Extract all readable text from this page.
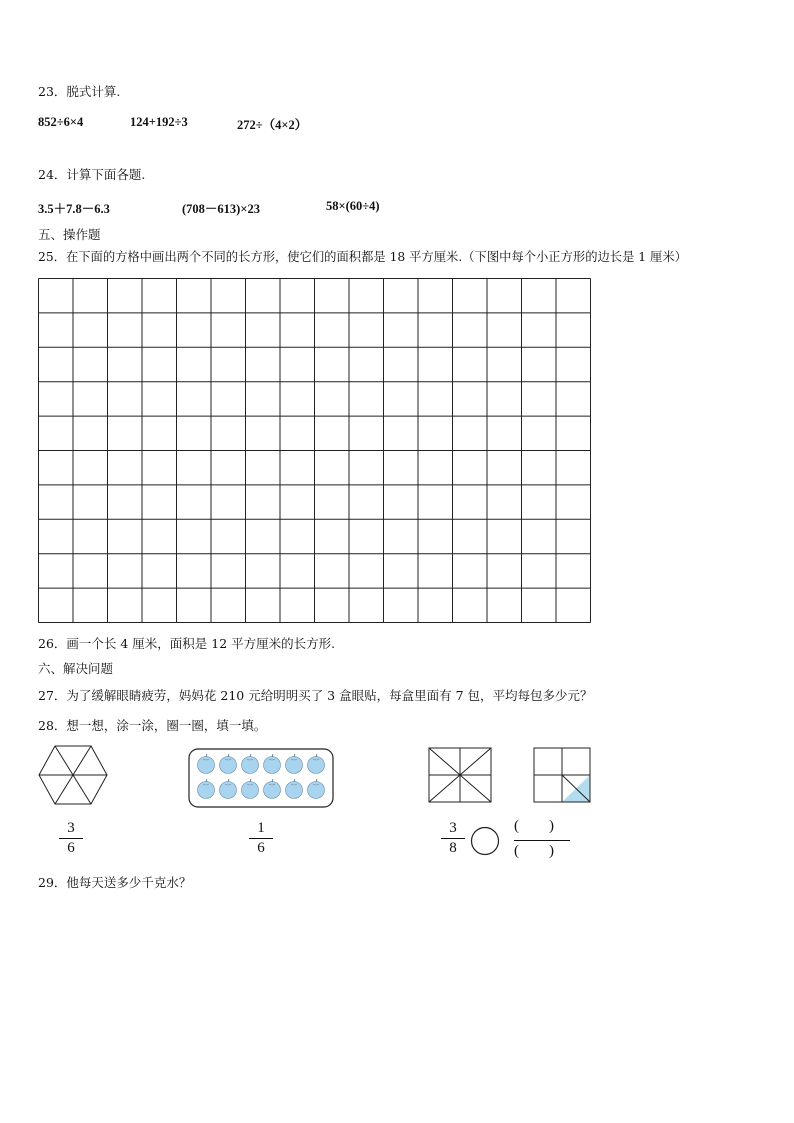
23．脱式计算.
852÷6×4	124+192÷3	272÷（4×2）
24．计算下面各题.
3.5＋7.8－6.3	(708－613)×23	58×(60÷4)
五、操作题
25．在下面的方格中画出两个不同的长方形，使它们的面积都是 18 平方厘米.（下图中每个小正方形的边长是 1 厘米）
26．画一个长 4 厘米，面积是 12 平方厘米的长方形.
六、解决问题
27．为了缓解眼睛疲劳，妈妈花 210 元给明明买了 3 盒眼贴，每盒里面有 7 包，平均每包多少元？
28．想一想，涂一涂，圈一圈，填一填。
3
6
1
6
3
8
(        )
(        )
29．他每天送多少千克水？
